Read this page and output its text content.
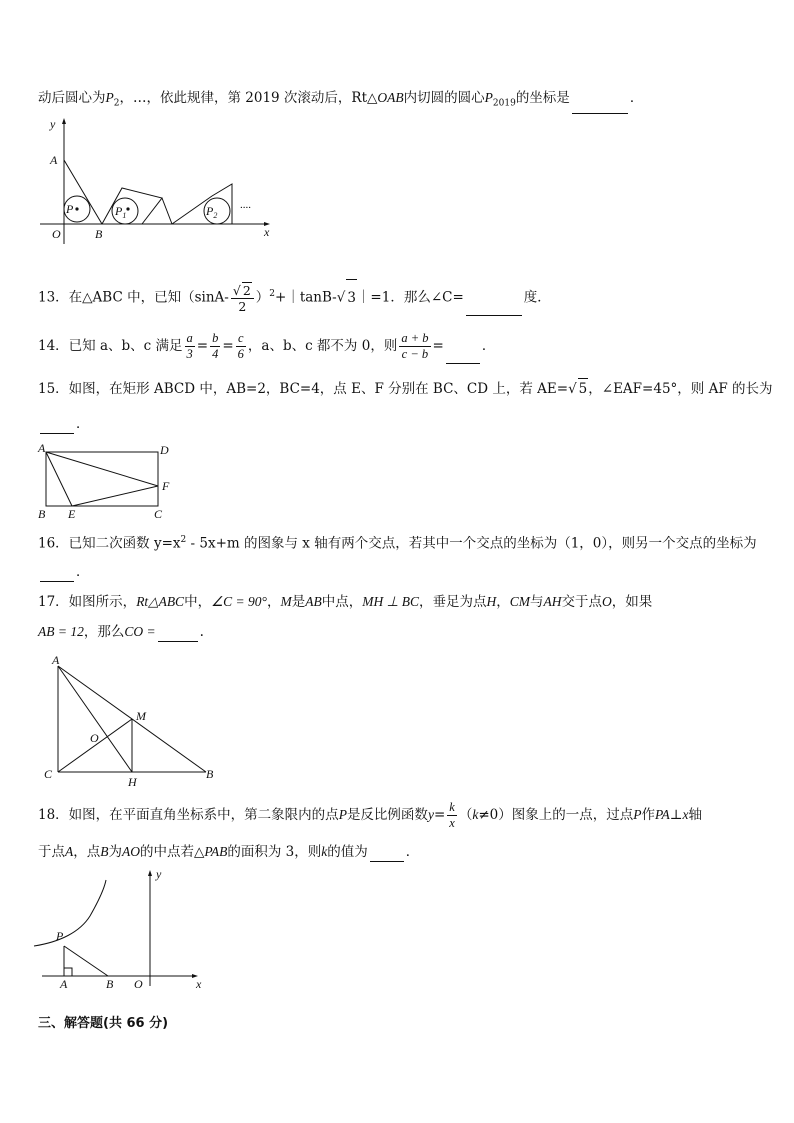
动后圆心为$P_2$，…，依此规律，第 2019 次滚动后，Rt△OAB内切圆的圆心$P_{2019}$的坐标是	．
y
A
P	$P_1$	$P_2$
....
O	B	x
13．在△ABC 中，已知（$\sin A- \frac{√ 2}{2}$ ）$^2$+｜tanB-√ 3｜=1．那么∠C=	度．
14．已知 a、b、c 满足 $\frac{a}{3} = \frac{b}{4} = \frac{c}{6}$ ，a、b、c 都不为 0，则 $\frac{a + b}{c - b}$ =	．
15．如图，在矩形 ABCD 中，AB=2，BC=4，点 E、F 分别在 BC、CD 上，若 AE=√ 5，∠EAF=45°，则 AF 的长为
．
A	D
F
B E	C
16．已知二次函数 $y=x^2 - 5x+m$ 的图象与 x 轴有两个交点，若其中一个交点的坐标为（1，0），则另一个交点的坐标为
．
17．如图所示，Rt△ABC中，∠C = 90°，M是AB中点，MH ⊥ BC，垂足为点H，CM与AH交于点O，如果
AB = 12，那么CO =	.
A
M
O
C
H
B
18．如图，在平面直角坐标系中，第二象限内的点P是反比例函数$y= \frac{k}{x} (k\ne 0)$图象上的一点，过点P作PA⊥x轴
于点A，点B为AO的中点若△PAB的面积为 3，则k的值为	．
y
P
A	B O	x
三、解答题(共 66 分)
